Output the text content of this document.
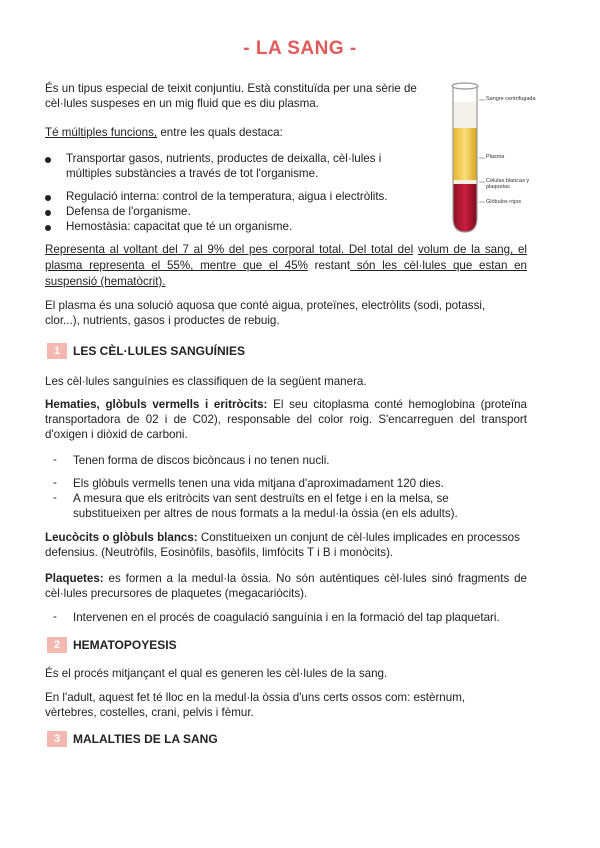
- LA SANG -
És un tipus especial de teixit conjuntiu. Està constituïda per una sèrie de cèl·lules suspeses en un mig fluid que es diu plasma.
Té múltiples funcions, entre les quals destaca:
Transportar gasos, nutrients, productes de deixalla, cèl·lules i múltiples substàncies a través de tot l'organisme.
Regulació interna: control de la temperatura, aigua i electròlits.
Defensa de l'organisme.
Hemostàsia: capacitat que té un organisme.
Sangre centrifugada
Plasma
Células blancas y plaquetas
Glóbulos rojos
Representa al voltant del 7 al 9% del pes corporal total. Del total del volum de la sang, el plasma representa el 55%, mentre que el 45% restant són les cèl·lules que estan en suspensió (hematòcrit).
El plasma és una solució aquosa que conté aigua, proteïnes, electròlits (sodi, potassi, clor...), nutrients, gasos i productes de rebuig.
1	LES CÈL·LULES SANGUÍNIES
Les cèl·lules sanguínies es classifiquen de la següent manera.
Hematies, glòbuls vermells i eritròcits: El seu citoplasma conté hemoglobina (proteïna transportadora de 02 i de C02), responsable del color roig. S'encarreguen del transport d'oxigen i diòxid de carboni.
- Tenen forma de discos bicòncaus i no tenen nucli.
- Els glòbuls vermells tenen una vida mitjana d'aproximadament 120 dies.
- A mesura que els eritròcits van sent destruïts en el fetge i en la melsa, se substitueixen per altres de nous formats a la medul·la òssia (en els adults).
Leucòcits o glòbuls blancs: Constitueixen un conjunt de cèl·lules implicades en processos defensius. (Neutròfils, Eosinòfils, basòfils, limfòcits T i B i monòcits).
Plaquetes: es formen a la medul·la òssia. No són autèntiques cèl·lules sinó fragments de cèl·lules precursores de plaquetes (megacariòcits).
- Intervenen en el procés de coagulació sanguínia i en la formació del tap plaquetari.
2	HEMATOPOYESIS
És el procés mitjançant el qual es generen les cèl·lules de la sang.
En l'adult, aquest fet té lloc en la medul·la òssia d'uns certs ossos com: estèrnum, vèrtebres, costelles, crani, pelvis i fèmur.
3	MALALTIES DE LA SANG
